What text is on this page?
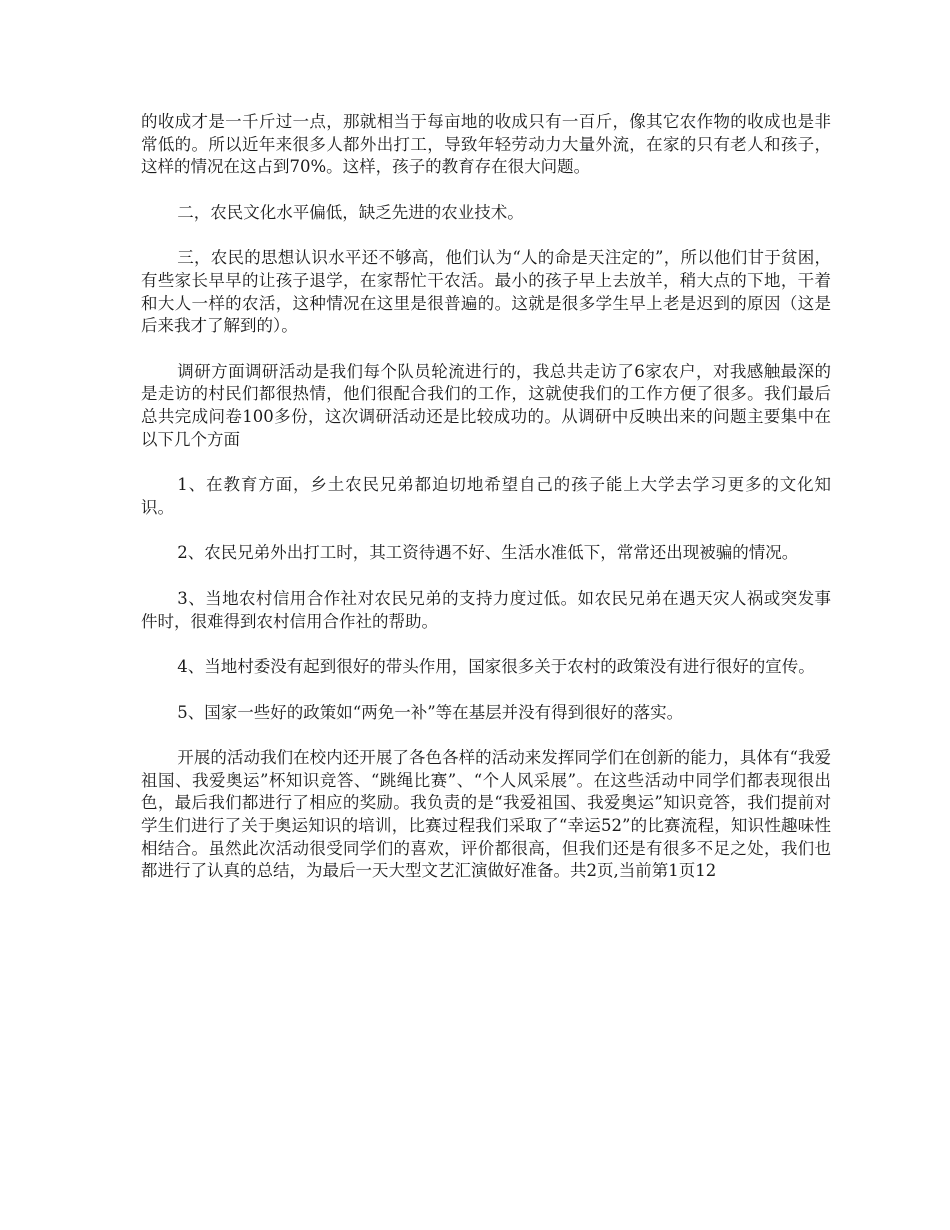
的收成才是一千斤过一点，那就相当于每亩地的收成只有一百斤，像其它农作物的收成也是非常低的。所以近年来很多人都外出打工，导致年轻劳动力大量外流，在家的只有老人和孩子，这样的情况在这占到70%。这样，孩子的教育存在很大问题。

二，农民文化水平偏低，缺乏先进的农业技术。

三，农民的思想认识水平还不够高，他们认为“人的命是天注定的”，所以他们甘于贫困，有些家长早早的让孩子退学，在家帮忙干农活。最小的孩子早上去放羊，稍大点的下地，干着和大人一样的农活，这种情况在这里是很普遍的。这就是很多学生早上老是迟到的原因（这是后来我才了解到的）。

调研方面调研活动是我们每个队员轮流进行的，我总共走访了6家农户，对我感触最深的是走访的村民们都很热情，他们很配合我们的工作，这就使我们的工作方便了很多。我们最后总共完成问卷100多份，这次调研活动还是比较成功的。从调研中反映出来的问题主要集中在以下几个方面

1、在教育方面，乡土农民兄弟都迫切地希望自己的孩子能上大学去学习更多的文化知识。

2、农民兄弟外出打工时，其工资待遇不好、生活水准低下，常常还出现被骗的情况。

3、当地农村信用合作社对农民兄弟的支持力度过低。如农民兄弟在遇天灾人祸或突发事件时，很难得到农村信用合作社的帮助。

4、当地村委没有起到很好的带头作用，国家很多关于农村的政策没有进行很好的宣传。

5、国家一些好的政策如“两免一补”等在基层并没有得到很好的落实。

开展的活动我们在校内还开展了各色各样的活动来发挥同学们在创新的能力，具体有“我爱祖国、我爱奥运”杯知识竞答、“跳绳比赛”、“个人风采展”。在这些活动中同学们都表现很出色，最后我们都进行了相应的奖励。我负责的是“我爱祖国、我爱奥运”知识竞答，我们提前对学生们进行了关于奥运知识的培训，比赛过程我们采取了“幸运52”的比赛流程，知识性趣味性相结合。虽然此次活动很受同学们的喜欢，评价都很高，但我们还是有很多不足之处，我们也都进行了认真的总结，为最后一天大型文艺汇演做好准备。共2页,当前第1页12
